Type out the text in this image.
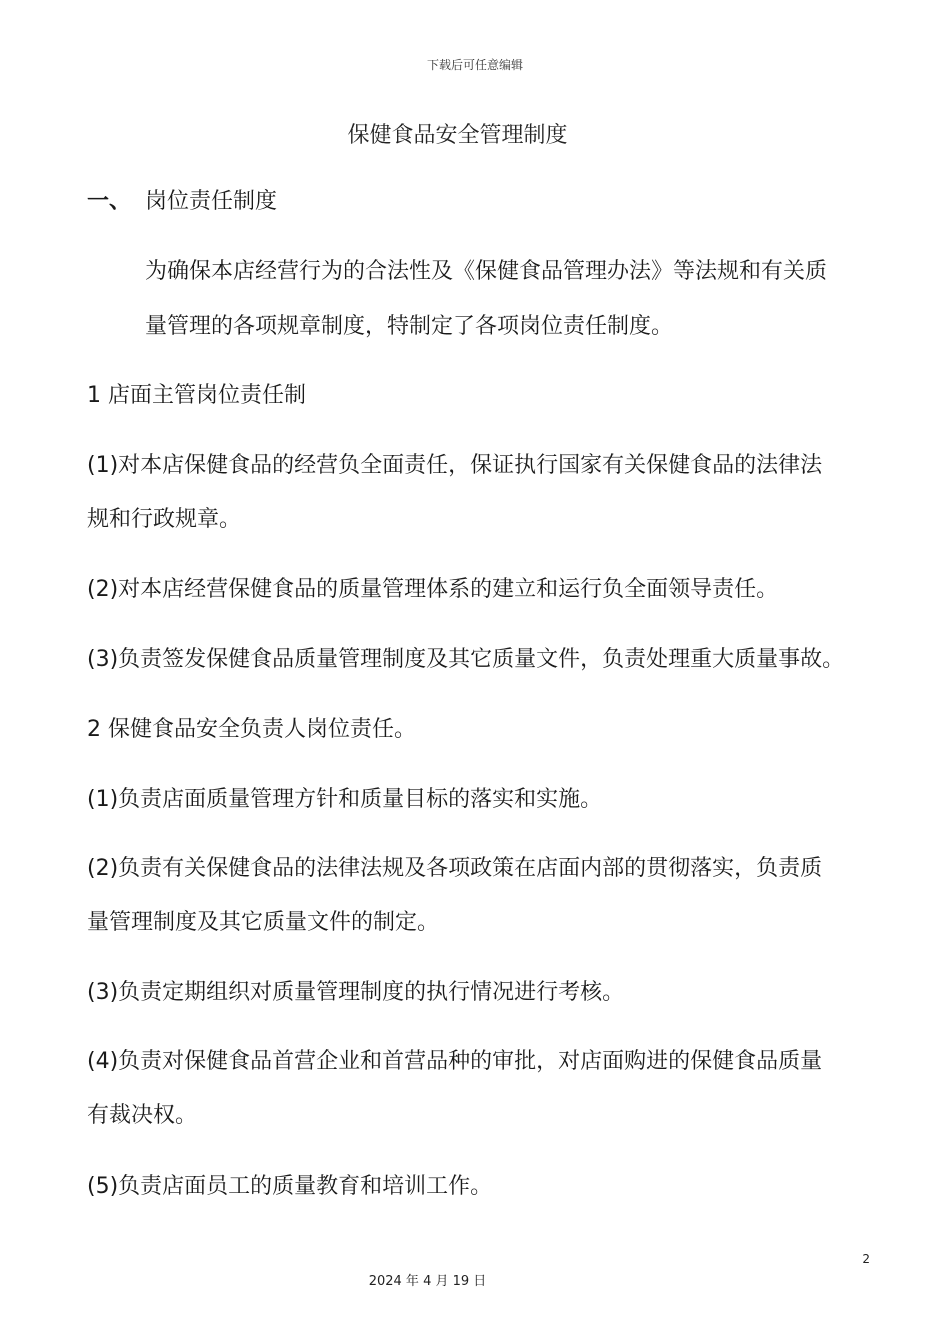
下载后可任意编辑
保健食品安全管理制度
一、 岗位责任制度
为确保本店经营行为的合法性及《保健食品管理办法》等法规和有关质
量管理的各项规章制度，特制定了各项岗位责任制度。
1 店面主管岗位责任制
(1)对本店保健食品的经营负全面责任，保证执行国家有关保健食品的法律法
规和行政规章。
(2)对本店经营保健食品的质量管理体系的建立和运行负全面领导责任。
(3)负责签发保健食品质量管理制度及其它质量文件，负责处理重大质量事故。
2 保健食品安全负责人岗位责任。
(1)负责店面质量管理方针和质量目标的落实和实施。
(2)负责有关保健食品的法律法规及各项政策在店面内部的贯彻落实，负责质
量管理制度及其它质量文件的制定。
(3)负责定期组织对质量管理制度的执行情况进行考核。
(4)负责对保健食品首营企业和首营品种的审批，对店面购进的保健食品质量
有裁决权。
(5)负责店面员工的质量教育和培训工作。
2
2024 年 4 月 19 日
